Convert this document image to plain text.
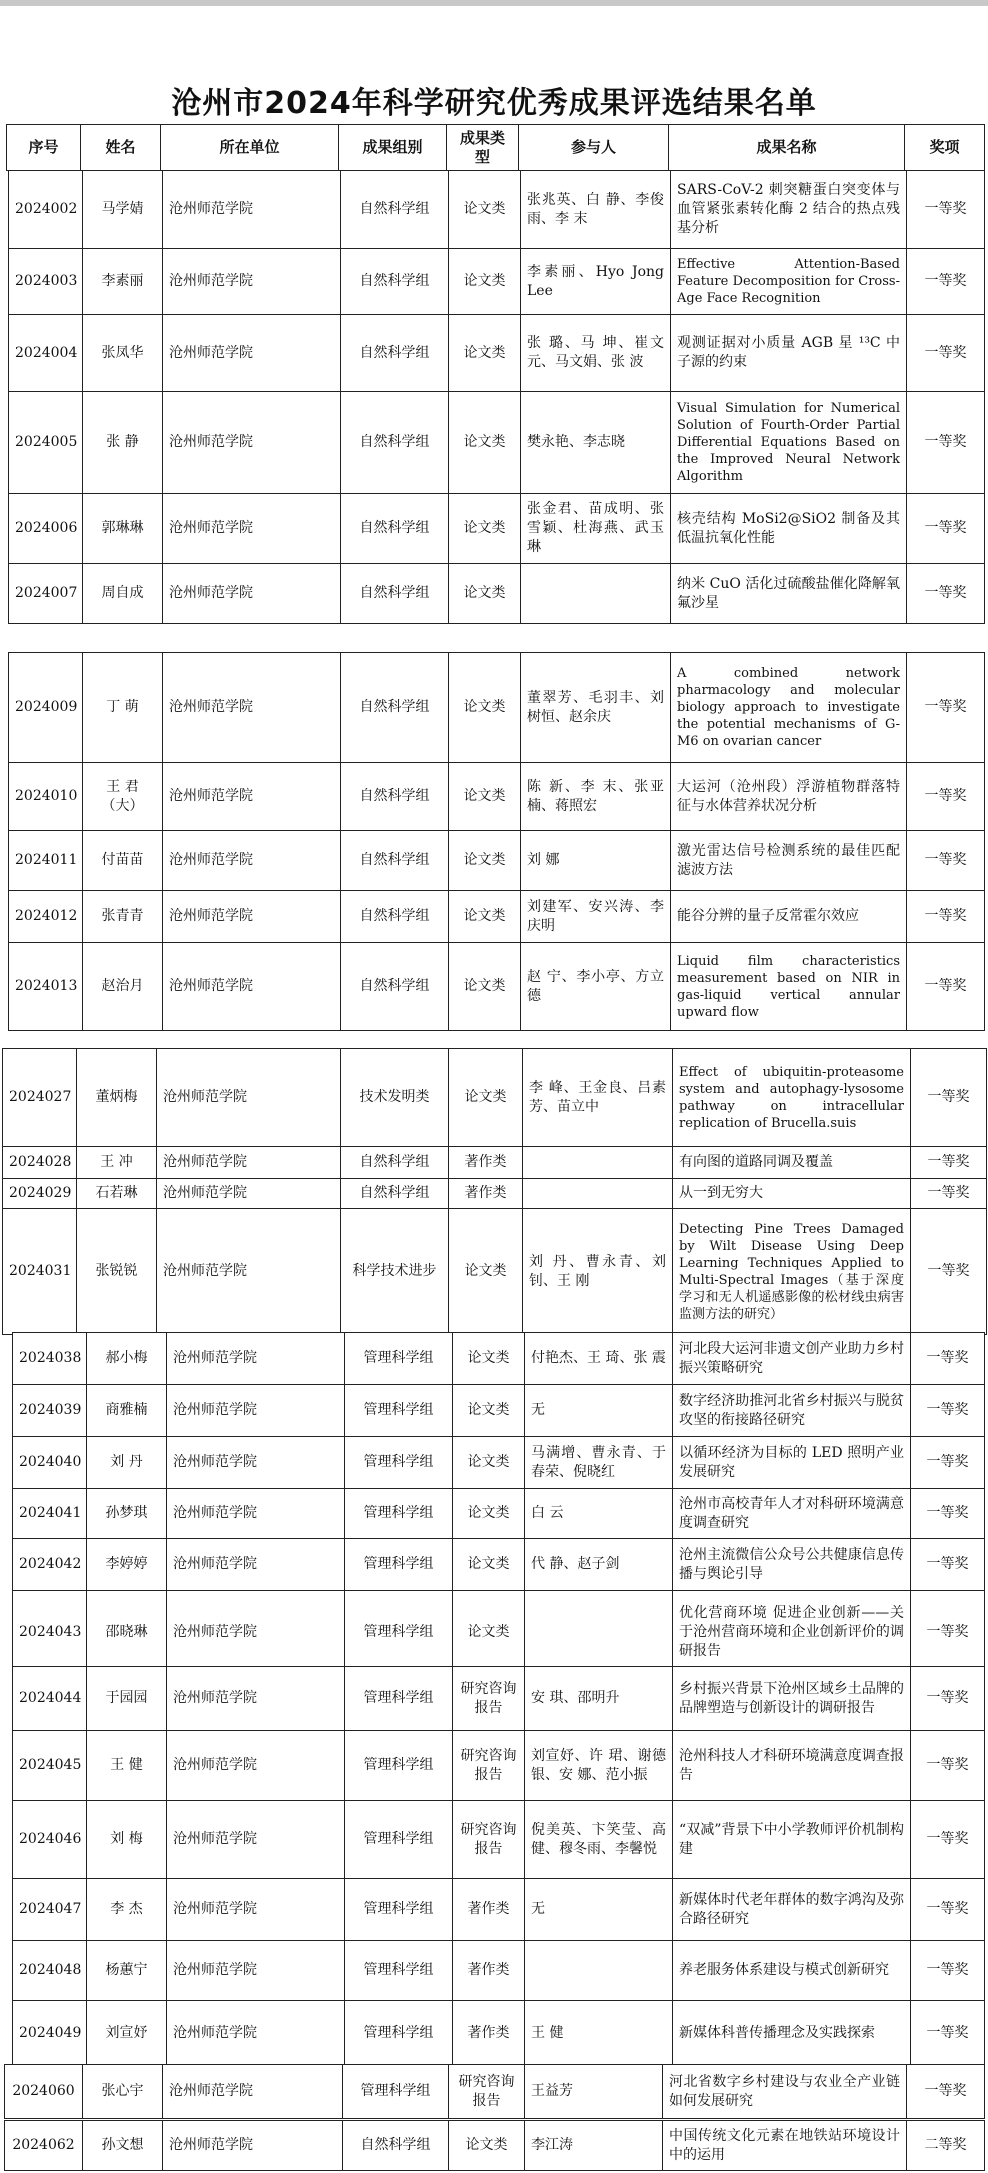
沧州市2024年科学研究优秀成果评选结果名单
序号	姓名	所在单位	成果组别	成果类型	参与人	成果名称	奖项
2024002	马学婧	沧州师范学院	自然科学组	论文类	张兆英、白 静、李俊雨、李 末	SARS-CoV-2 刺突糖蛋白突变体与血管紧张素转化酶 2 结合的热点残基分析	一等奖
2024003	李素丽	沧州师范学院	自然科学组	论文类	李素丽、Hyo Jong Lee	Effective Attention-Based Feature Decomposition for Cross-Age Face Recognition	一等奖
2024004	张凤华	沧州师范学院	自然科学组	论文类	张 璐、马 坤、崔文元、马文娟、张 波	观测证据对小质量 AGB 星 ¹³C 中子源的约束	一等奖
2024005	张 静	沧州师范学院	自然科学组	论文类	樊永艳、李志晓	Visual Simulation for Numerical Solution of Fourth-Order Partial Differential Equations Based on the Improved Neural Network Algorithm	一等奖
2024006	郭琳琳	沧州师范学院	自然科学组	论文类	张金君、苗成明、张雪颖、杜海燕、武玉琳	核壳结构 MoSi2@SiO2 制备及其低温抗氧化性能	一等奖
2024007	周自成	沧州师范学院	自然科学组	论文类		纳米 CuO 活化过硫酸盐催化降解氧氟沙星	一等奖
2024009	丁 萌	沧州师范学院	自然科学组	论文类	董翠芳、毛羽丰、刘树恒、赵余庆	A combined network pharmacology and molecular biology approach to investigate the potential mechanisms of G-M6 on ovarian cancer	一等奖
2024010	王 君（大）	沧州师范学院	自然科学组	论文类	陈 新、李 末、张亚楠、蒋照宏	大运河（沧州段）浮游植物群落特征与水体营养状况分析	一等奖
2024011	付苗苗	沧州师范学院	自然科学组	论文类	刘 娜	激光雷达信号检测系统的最佳匹配滤波方法	一等奖
2024012	张青青	沧州师范学院	自然科学组	论文类	刘建军、安兴涛、李庆明	能谷分辨的量子反常霍尔效应	一等奖
2024013	赵治月	沧州师范学院	自然科学组	论文类	赵 宁、李小亭、方立德	Liquid film characteristics measurement based on NIR in gas-liquid vertical annular upward flow	一等奖
2024027	董炳梅	沧州师范学院	技术发明类	论文类	李 峰、王金良、吕素芳、苗立中	Effect of ubiquitin-proteasome system and autophagy-lysosome pathway on intracellular replication of Brucella.suis	一等奖
2024028	王 冲	沧州师范学院	自然科学组	著作类		有向图的道路同调及覆盖	一等奖
2024029	石若琳	沧州师范学院	自然科学组	著作类		从一到无穷大	一等奖
2024031	张锐锐	沧州师范学院	科学技术进步	论文类	刘 丹、曹永青、刘 钊、王 刚	Detecting Pine Trees Damaged by Wilt Disease Using Deep Learning Techniques Applied to Multi-Spectral Images（基于深度学习和无人机遥感影像的松材线虫病害监测方法的研究）	一等奖
2024038	郝小梅	沧州师范学院	管理科学组	论文类	付艳杰、王 琦、张 震	河北段大运河非遗文创产业助力乡村振兴策略研究	一等奖
2024039	商雅楠	沧州师范学院	管理科学组	论文类	无	数字经济助推河北省乡村振兴与脱贫攻坚的衔接路径研究	一等奖
2024040	刘 丹	沧州师范学院	管理科学组	论文类	马满增、曹永青、于春荣、倪晓红	以循环经济为目标的 LED 照明产业发展研究	一等奖
2024041	孙梦琪	沧州师范学院	管理科学组	论文类	白 云	沧州市高校青年人才对科研环境满意度调查研究	一等奖
2024042	李婷婷	沧州师范学院	管理科学组	论文类	代 静、赵子剑	沧州主流微信公众号公共健康信息传播与舆论引导	一等奖
2024043	邵晓琳	沧州师范学院	管理科学组	论文类		优化营商环境 促进企业创新——关于沧州营商环境和企业创新评价的调研报告	一等奖
2024044	于园园	沧州师范学院	管理科学组	研究咨询报告	安 琪、邵明升	乡村振兴背景下沧州区域乡土品牌的品牌塑造与创新设计的调研报告	一等奖
2024045	王 健	沧州师范学院	管理科学组	研究咨询报告	刘宣妤、许 珺、谢德银、安 娜、范小振	沧州科技人才科研环境满意度调查报告	一等奖
2024046	刘 梅	沧州师范学院	管理科学组	研究咨询报告	倪美英、卞笑莹、高 健、穆冬雨、李馨悦	“双减”背景下中小学教师评价机制构建	一等奖
2024047	李 杰	沧州师范学院	管理科学组	著作类	无	新媒体时代老年群体的数字鸿沟及弥合路径研究	一等奖
2024048	杨蕙宁	沧州师范学院	管理科学组	著作类		养老服务体系建设与模式创新研究	一等奖
2024049	刘宣妤	沧州师范学院	管理科学组	著作类	王 健	新媒体科普传播理念及实践探索	一等奖
2024060	张心宇	沧州师范学院	管理科学组	研究咨询报告	王益芳	河北省数字乡村建设与农业全产业链如何发展研究	一等奖
2024062	孙文想	沧州师范学院	自然科学组	论文类	李江涛	中国传统文化元素在地铁站环境设计中的运用	二等奖
